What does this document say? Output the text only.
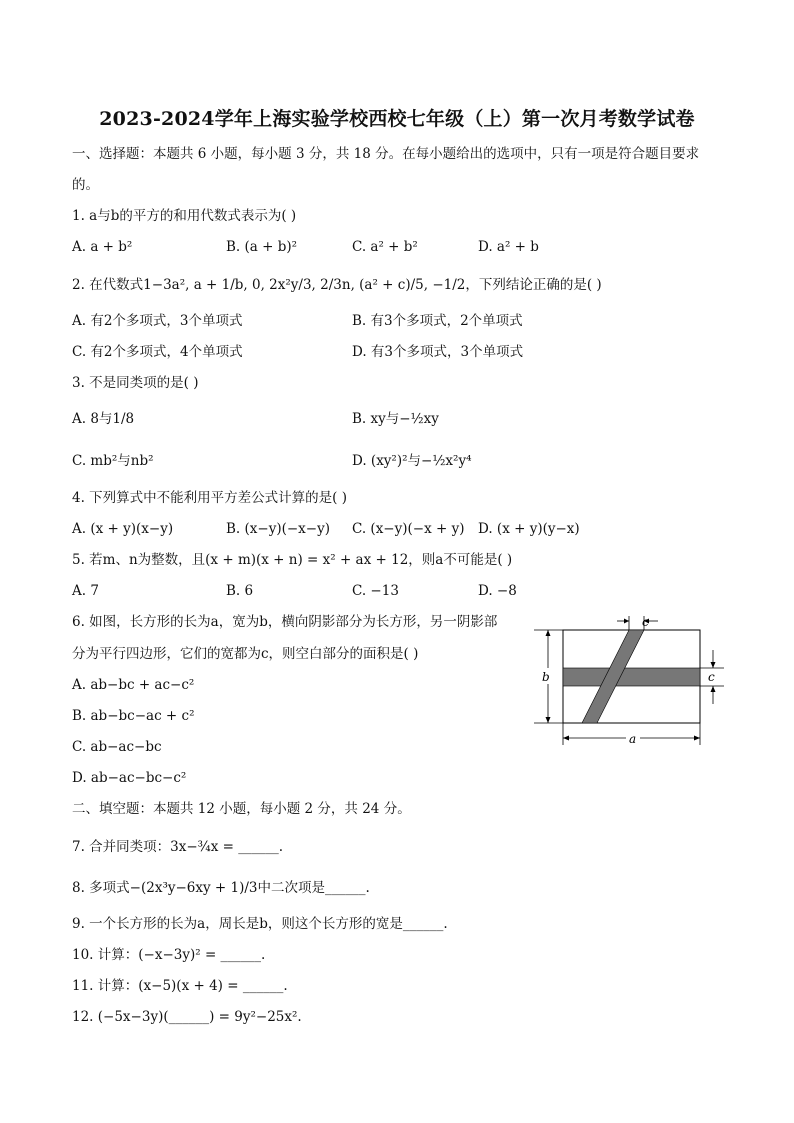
2023-2024学年上海实验学校西校七年级（上）第一次月考数学试卷
一、选择题：本题共 6 小题，每小题 3 分，共 18 分。在每小题给出的选项中，只有一项是符合题目要求
的。
1. a与b的平方的和用代数式表示为( )
A. a + b²	B. (a + b)²	C. a² + b²	D. a² + b
2. 在代数式1−3a², a + 1/b, 0, 2x²y/3, 2/3n, (a² + c)/5, −1/2，下列结论正确的是( )
A. 有2个多项式，3个单项式	B. 有3个多项式，2个单项式
C. 有2个多项式，4个单项式	D. 有3个多项式，3个单项式
3. 不是同类项的是( )
A. 8与1/8	B. xy与−½xy
C. mb²与nb²	D. (xy²)²与−½x²y⁴
4. 下列算式中不能利用平方差公式计算的是( )
A. (x + y)(x−y)	B. (x−y)(−x−y) C. (x−y)(−x + y) D. (x + y)(y−x)
5. 若m、n为整数，且(x + m)(x + n) = x² + ax + 12，则a不可能是( )
A. 7	B. 6	C. −13	D. −8
6. 如图，长方形的长为a，宽为b，横向阴影部分为长方形，另一阴影部
分为平行四边形，它们的宽都为c，则空白部分的面积是( )
A. ab−bc + ac−c²
B. ab−bc−ac + c²
C. ab−ac−bc
D. ab−ac−bc−c²
c
b	c
a
二、填空题：本题共 12 小题，每小题 2 分，共 24 分。
7. 合并同类项：3x−¾x = ______.
8. 多项式−(2x³y−6xy + 1)/3中二次项是______.
9. 一个长方形的长为a，周长是b，则这个长方形的宽是______.
10. 计算：(−x−3y)² = ______.
11. 计算：(x−5)(x + 4) = ______.
12. (−5x−3y)(______) = 9y²−25x².
